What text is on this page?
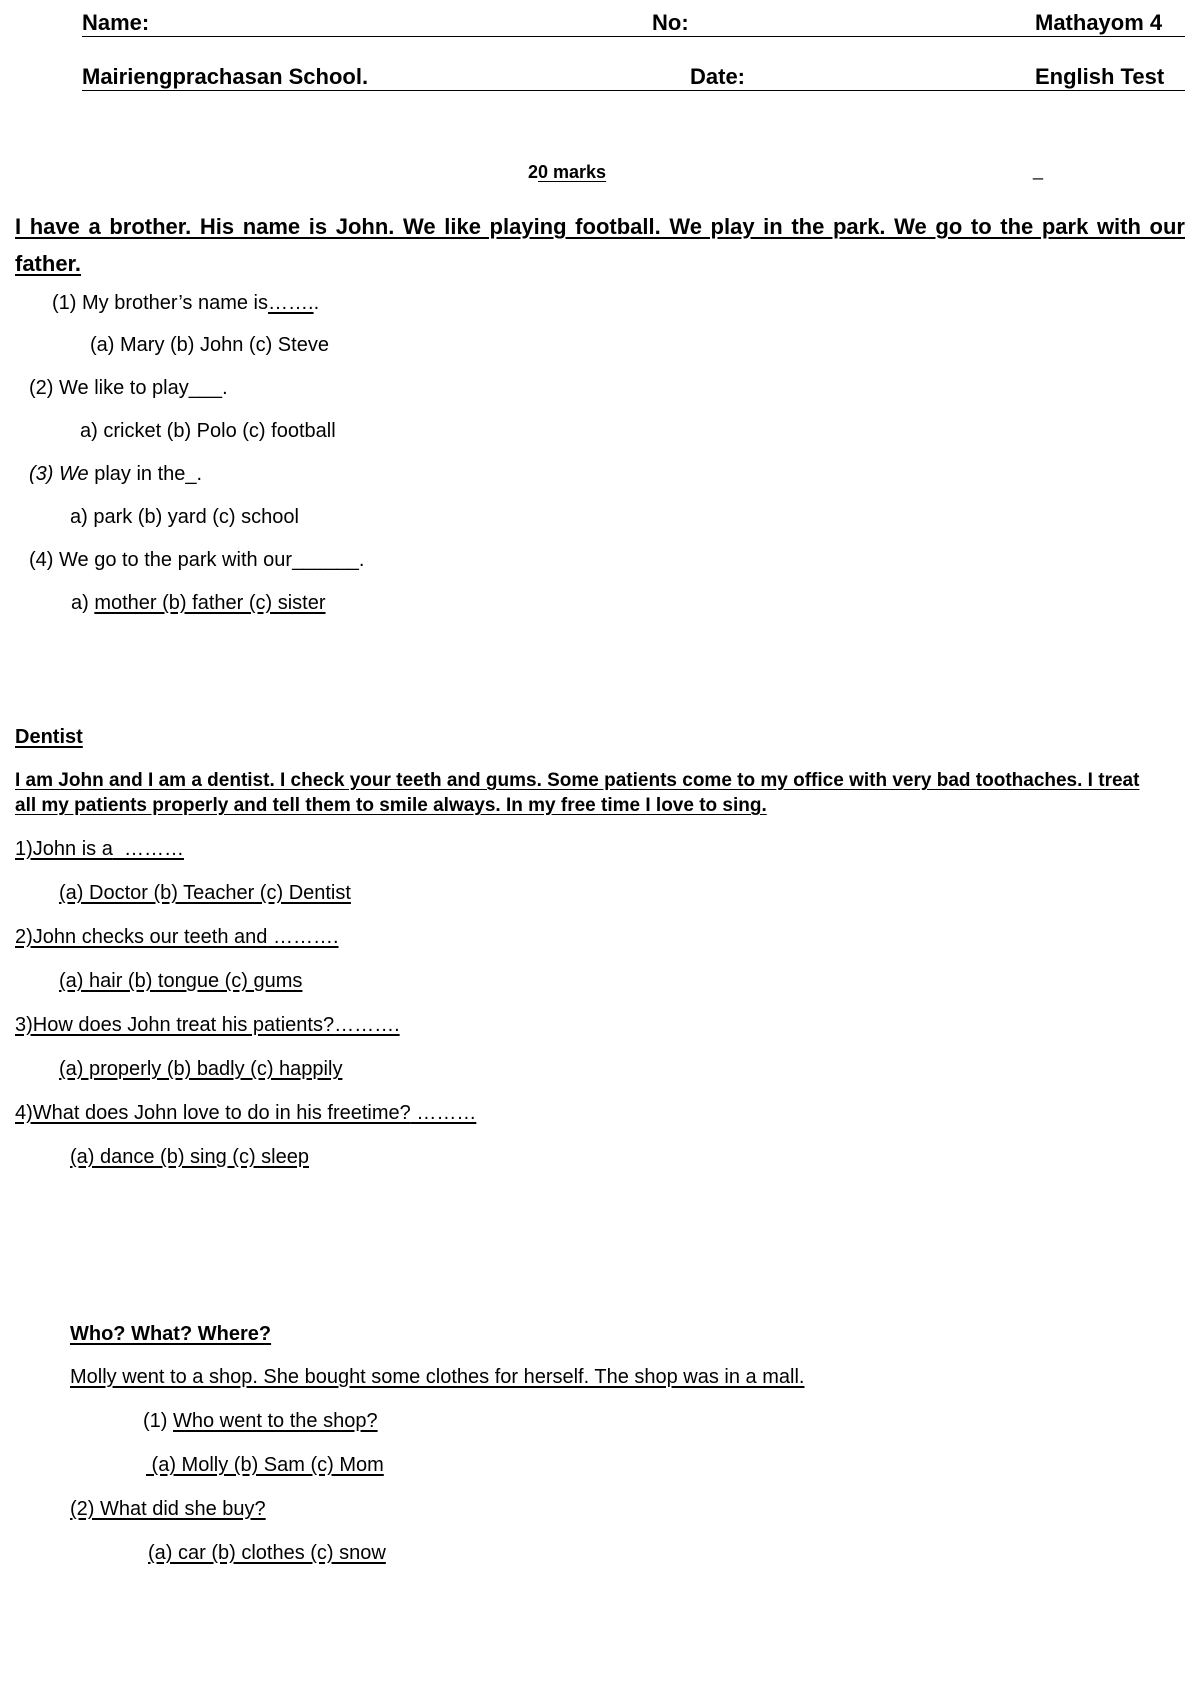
Name:	No:	Mathayom 4
Mairiengprachasan School.	Date:	English Test
20 marks	_
I have a brother. His name is John. We like playing football. We play in the park. We go to the park with our father.
(1) My brother’s name is……..
(a) Mary (b) John (c) Steve
(2) We like to play___.
a) cricket (b) Polo (c) football
(3) We play in the_.
a) park (b) yard (c) school
(4) We go to the park with our______.
a) mother (b) father (c) sister
Dentist
I am John and I am a dentist. I check your teeth and gums. Some patients come to my office with very bad toothaches. I treat all my patients properly and tell them to smile always. In my free time I love to sing.
1)John is a  ………
(a) Doctor (b) Teacher (c) Dentist
2)John checks our teeth and ……….
(a) hair (b) tongue (c) gums
3)How does John treat his patients?……….
(a) properly (b) badly (c) happily
4)What does John love to do in his freetime? ………
(a) dance (b) sing (c) sleep
Who? What? Where?
Molly went to a shop. She bought some clothes for herself. The shop was in a mall.
(1) Who went to the shop?
(a) Molly (b) Sam (c) Mom
(2) What did she buy?
(a) car (b) clothes (c) snow
